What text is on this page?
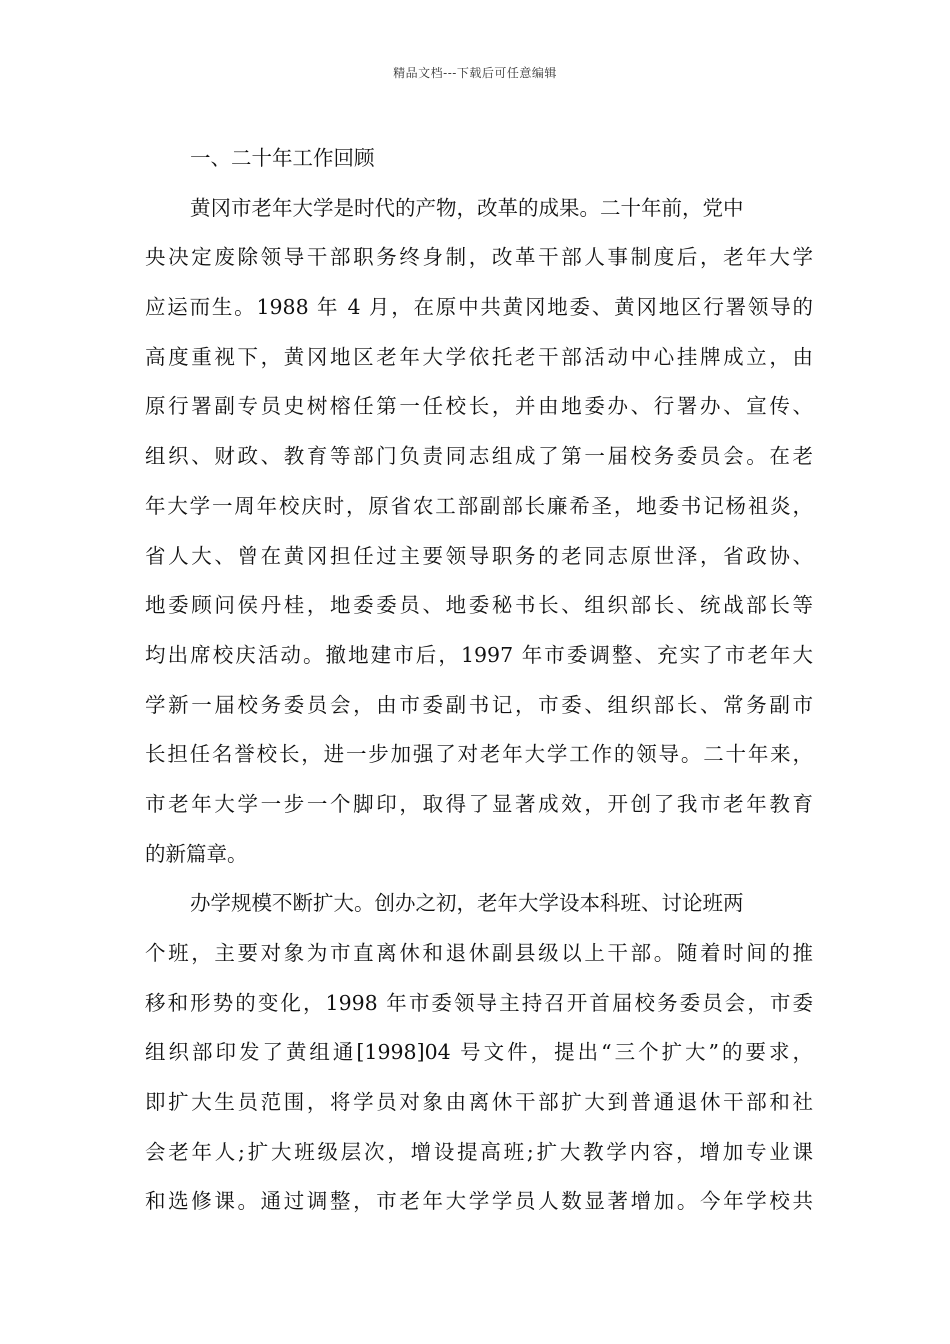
精品文档---下载后可任意编辑
一、二十年工作回顾
黄冈市老年大学是时代的产物，改革的成果。二十年前，党中
央决定废除领导干部职务终身制，改革干部人事制度后，老年大学
应运而生。1988 年 4 月，在原中共黄冈地委、黄冈地区行署领导的
高度重视下，黄冈地区老年大学依托老干部活动中心挂牌成立，由
原行署副专员史树榕任第一任校长，并由地委办、行署办、宣传、
组织、财政、教育等部门负责同志组成了第一届校务委员会。在老
年大学一周年校庆时，原省农工部副部长廉希圣，地委书记杨祖炎，
省人大、曾在黄冈担任过主要领导职务的老同志原世泽，省政协、
地委顾问侯丹桂，地委委员、地委秘书长、组织部长、统战部长等
均出席校庆活动。撤地建市后，1997 年市委调整、充实了市老年大
学新一届校务委员会，由市委副书记，市委、组织部长、常务副市
长担任名誉校长，进一步加强了对老年大学工作的领导。二十年来，
市老年大学一步一个脚印，取得了显著成效，开创了我市老年教育
的新篇章。
办学规模不断扩大。创办之初，老年大学设本科班、讨论班两
个班，主要对象为市直离休和退休副县级以上干部。随着时间的推
移和形势的变化，1998 年市委领导主持召开首届校务委员会，市委
组织部印发了黄组通[1998]04 号文件，提出“三个扩大”的要求，
即扩大生员范围，将学员对象由离休干部扩大到普通退休干部和社
会老年人;扩大班级层次，增设提高班;扩大教学内容，增加专业课
和选修课。通过调整，市老年大学学员人数显著增加。今年学校共
